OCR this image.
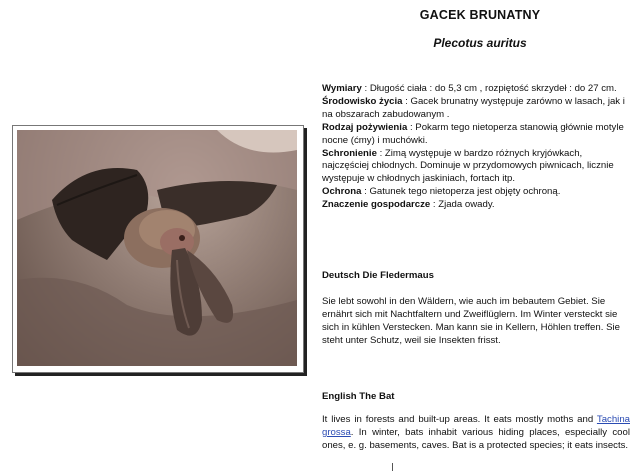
GACEK BRUNATNY
Plecotus auritus

Wymiary : Długość ciała : do 5,3 cm , rozpiętość skrzydeł : do 27 cm.

Środowisko życia : Gacek brunatny występuje zarówno w lasach, jak i na obszarach zabudowanym .

Rodzaj pożywienia : Pokarm tego nietoperza stanowią głównie motyle nocne (ćmy) i muchówki.

Schronienie : Zimą występuje w bardzo różnych kryjówkach, najczęściej chłodnych. Dominuje w przydomowych piwnicach, licznie występuje w chłodnych jaskiniach, fortach itp.

Ochrona : Gatunek tego nietoperza jest objęty ochroną.

Znaczenie gospodarcze : Zjada owady.

Deutsch Die Fledermaus
Sie lebt sowohl in den Wäldern, wie auch im bebautem Gebiet. Sie ernährt sich mit Nachtfaltern und Zweiflüglern. Im Winter versteckt sie sich in kühlen Verstecken. Man kann sie in Kellern, Höhlen treffen. Sie steht unter Schutz, weil sie Insekten frisst.
English The Bat
It lives in forests and built-up areas. It eats mostly moths and Tachina grossa. In winter, bats inhabit various hiding places, especially cool ones, e. g. basements, caves. Bat is a protected species; it eats insects.
